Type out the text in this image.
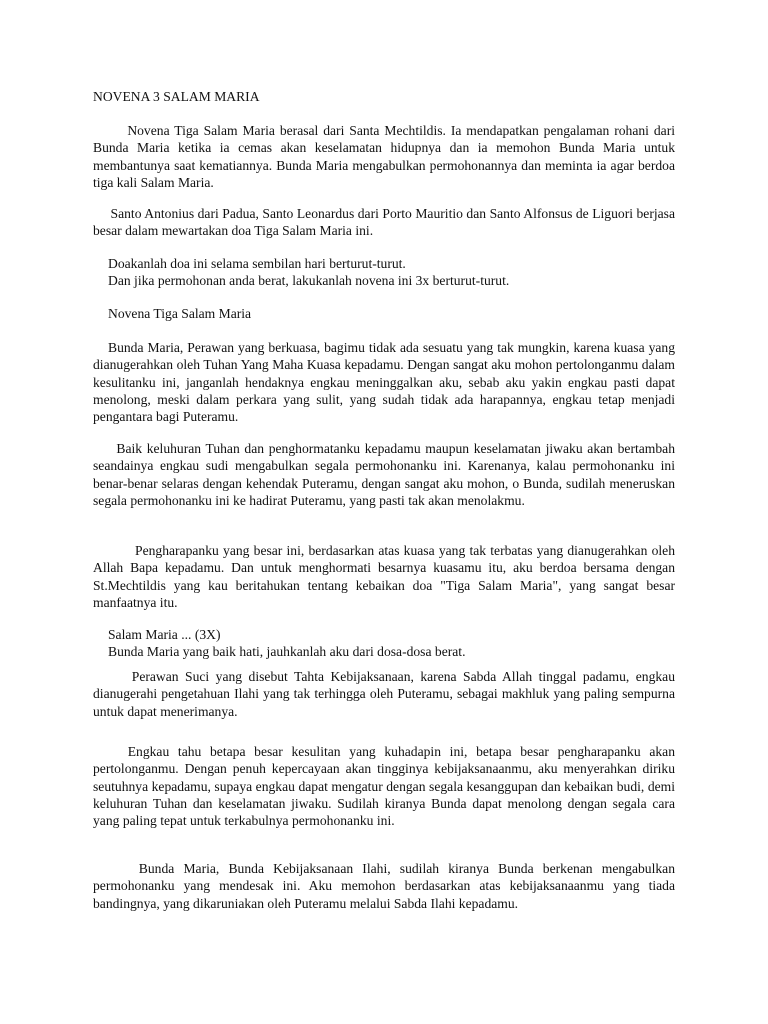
NOVENA 3 SALAM MARIA

Novena Tiga Salam Maria berasal dari Santa Mechtildis. Ia mendapatkan pengalaman rohani dari Bunda Maria ketika ia cemas akan keselamatan hidupnya dan ia memohon Bunda Maria untuk membantunya saat kematiannya. Bunda Maria mengabulkan permohonannya dan meminta ia agar berdoa tiga kali Salam Maria.

Santo Antonius dari Padua, Santo Leonardus dari Porto Mauritio dan Santo Alfonsus de Liguori berjasa besar dalam mewartakan doa Tiga Salam Maria ini.

Doakanlah doa ini selama sembilan hari berturut-turut.
Dan jika permohonan anda berat, lakukanlah novena ini 3x berturut-turut.

Novena Tiga Salam Maria

Bunda Maria, Perawan yang berkuasa, bagimu tidak ada sesuatu yang tak mungkin, karena kuasa yang dianugerahkan oleh Tuhan Yang Maha Kuasa kepadamu. Dengan sangat aku mohon pertolonganmu dalam kesulitanku ini, janganlah hendaknya engkau meninggalkan aku, sebab aku yakin engkau pasti dapat menolong, meski dalam perkara yang sulit, yang sudah tidak ada harapannya, engkau tetap menjadi pengantara bagi Puteramu.

Baik keluhuran Tuhan dan penghormatanku kepadamu maupun keselamatan jiwaku akan bertambah seandainya engkau sudi mengabulkan segala permohonanku ini. Karenanya, kalau permohonanku ini benar-benar selaras dengan kehendak Puteramu, dengan sangat aku mohon, o Bunda, sudilah meneruskan segala permohonanku ini ke hadirat Puteramu, yang pasti tak akan menolakmu.

Pengharapanku yang besar ini, berdasarkan atas kuasa yang tak terbatas yang dianugerahkan oleh Allah Bapa kepadamu. Dan untuk menghormati besarnya kuasamu itu, aku berdoa bersama dengan St.Mechtildis yang kau beritahukan tentang kebaikan doa "Tiga Salam Maria", yang sangat besar manfaatnya itu.

Salam Maria ... (3X)
Bunda Maria yang baik hati, jauhkanlah aku dari dosa-dosa berat.

Perawan Suci yang disebut Tahta Kebijaksanaan, karena Sabda Allah tinggal padamu, engkau dianugerahi pengetahuan Ilahi yang tak terhingga oleh Puteramu, sebagai makhluk yang paling sempurna untuk dapat menerimanya.

Engkau tahu betapa besar kesulitan yang kuhadapin ini, betapa besar pengharapanku akan pertolonganmu. Dengan penuh kepercayaan akan tingginya kebijaksanaanmu, aku menyerahkan diriku seutuhnya kepadamu, supaya engkau dapat mengatur dengan segala kesanggupan dan kebaikan budi, demi keluhuran Tuhan dan keselamatan jiwaku. Sudilah kiranya Bunda dapat menolong dengan segala cara yang paling tepat untuk terkabulnya permohonanku ini.

Bunda Maria, Bunda Kebijaksanaan Ilahi, sudilah kiranya Bunda berkenan mengabulkan permohonanku yang mendesak ini. Aku memohon berdasarkan atas kebijaksanaanmu yang tiada bandingnya, yang dikaruniakan oleh Puteramu melalui Sabda Ilahi kepadamu.
